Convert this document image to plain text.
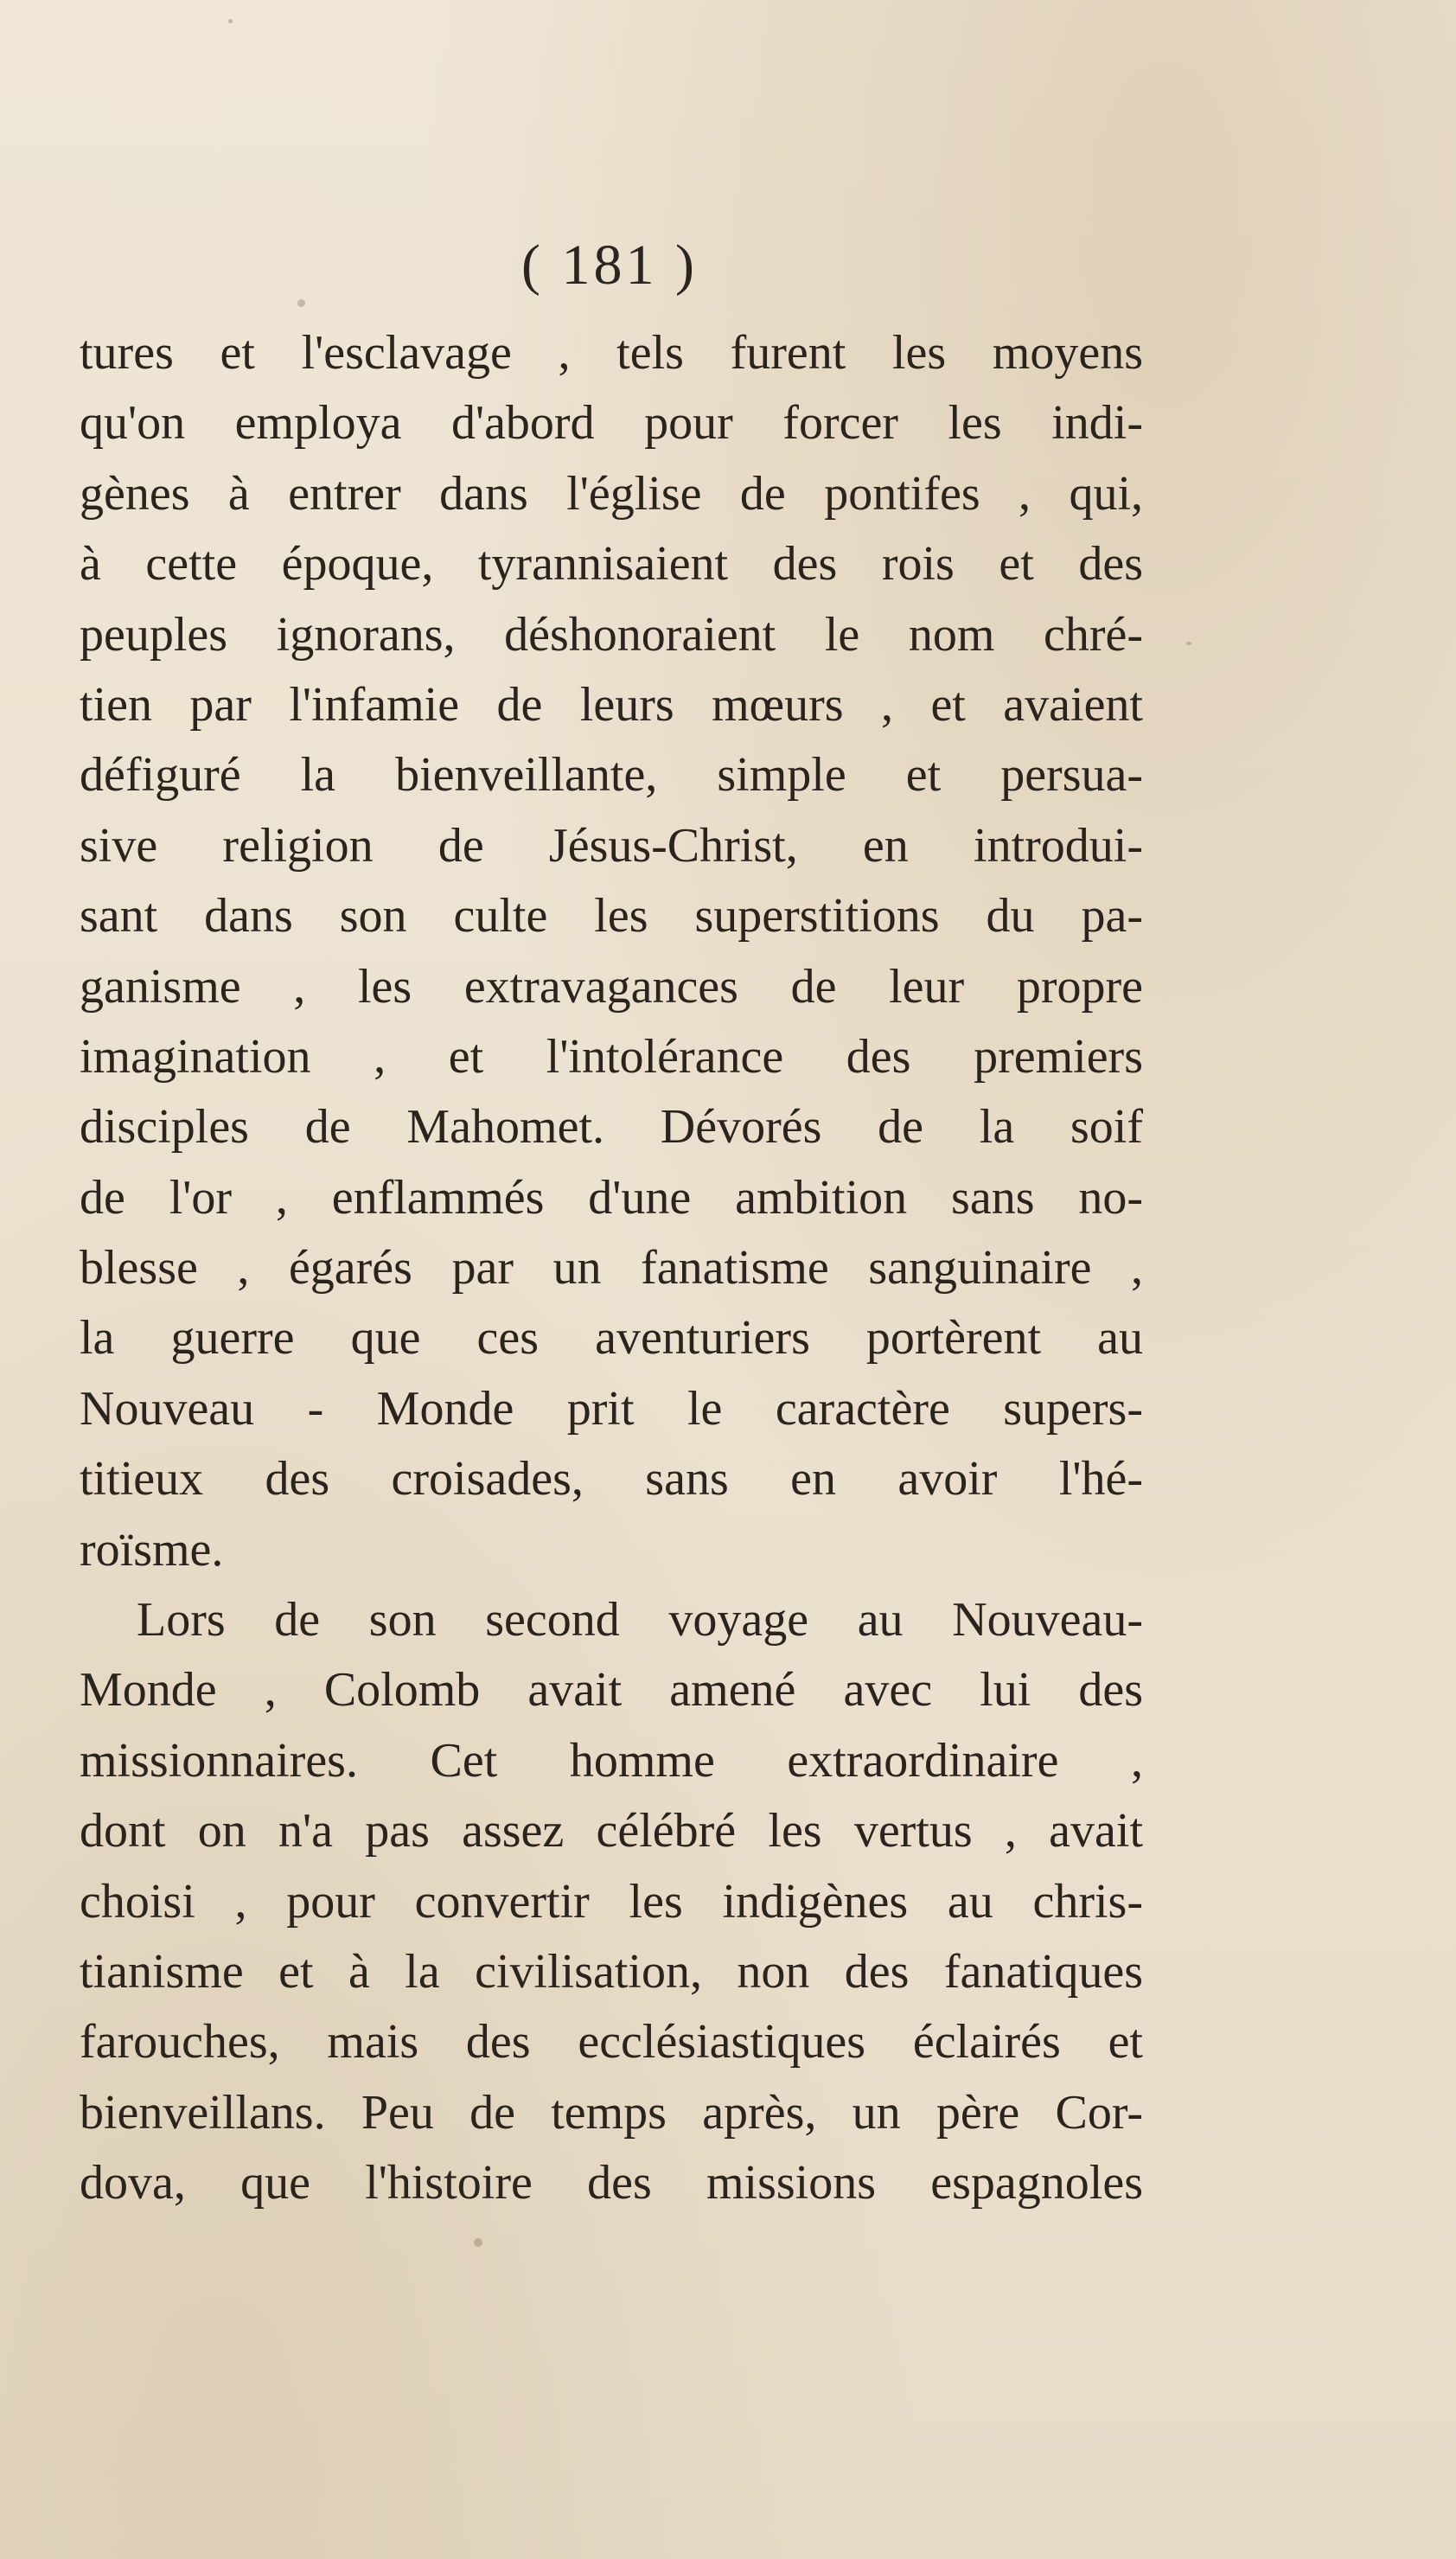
( 181 )
tures et l'esclavage , tels furent les moyens
qu'on employa d'abord pour forcer les indi-
gènes à entrer dans l'église de pontifes , qui,
à cette époque, tyrannisaient des rois et des
peuples ignorans, déshonoraient le nom chré-
tien par l'infamie de leurs mœurs , et avaient
défiguré la bienveillante, simple et persua-
sive religion de Jésus-Christ, en introdui-
sant dans son culte les superstitions du pa-
ganisme , les extravagances de leur propre
imagination , et l'intolérance des premiers
disciples de Mahomet. Dévorés de la soif
de l'or , enflammés d'une ambition sans no-
blesse , égarés par un fanatisme sanguinaire ,
la guerre que ces aventuriers portèrent au
Nouveau - Monde prit le caractère supers-
titieux des croisades, sans en avoir l'hé-
roïsme.
Lors de son second voyage au Nouveau-
Monde , Colomb avait amené avec lui des
missionnaires. Cet homme extraordinaire ,
dont on n'a pas assez célébré les vertus , avait
choisi , pour convertir les indigènes au chris-
tianisme et à la civilisation, non des fanatiques
farouches, mais des ecclésiastiques éclairés et
bienveillans. Peu de temps après, un père Cor-
dova, que l'histoire des missions espagnoles
